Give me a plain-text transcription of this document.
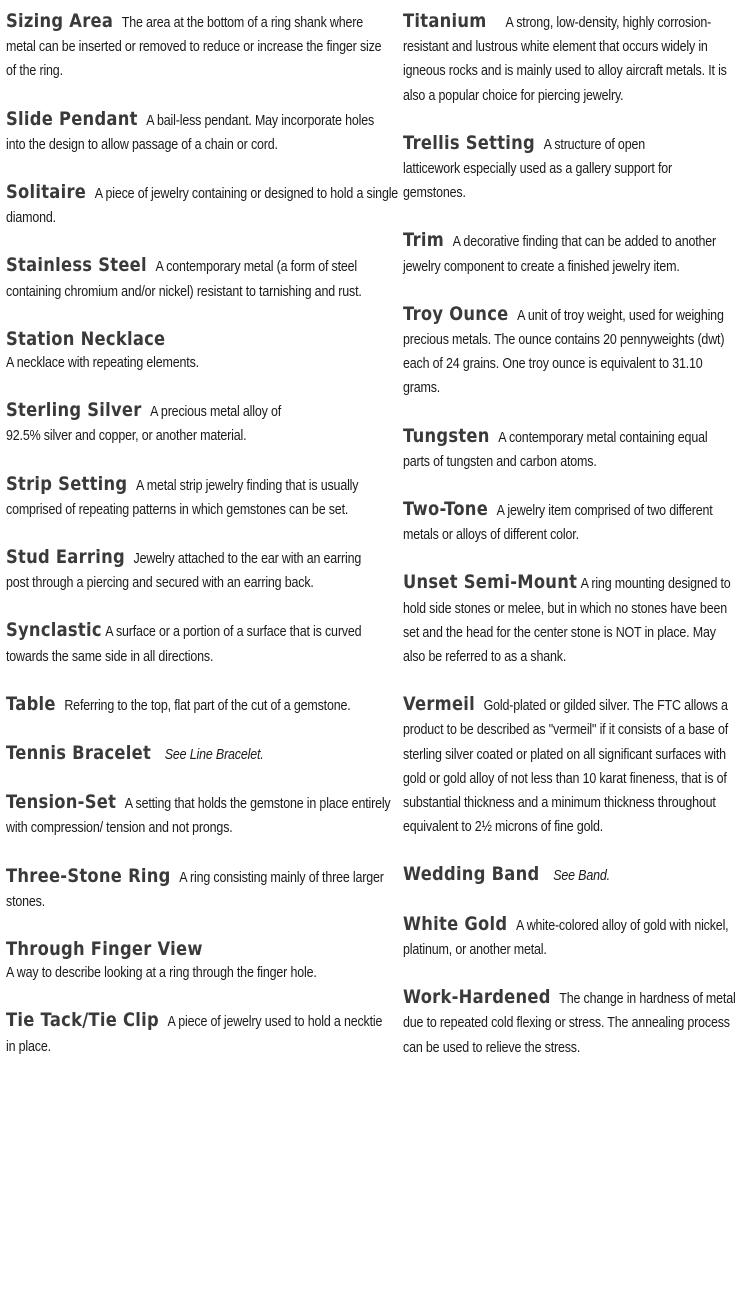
Sizing Area The area at the bottom of a ring shank where metal can be inserted or removed to reduce or increase the finger size of the ring.

Slide Pendant A bail-less pendant. May incorporate holes into the design to allow passage of a chain or cord.

Solitaire A piece of jewelry containing or designed to hold a single diamond.

Stainless Steel A contemporary metal (a form of steel containing chromium and/or nickel) resistant to tarnishing and rust.

Station Necklace
A necklace with repeating elements.

Sterling Silver A precious metal alloy of 92.5% silver and copper, or another material.

Strip Setting A metal strip jewelry finding that is usually comprised of repeating patterns in which gemstones can be set.

Stud Earring Jewelry attached to the ear with an earring post through a piercing and secured with an earring back.

Synclastic A surface or a portion of a surface that is curved towards the same side in all directions.

Table Referring to the top, flat part of the cut of a gemstone.

Tennis Bracelet See Line Bracelet.

Tension-Set A setting that holds the gemstone in place entirely with compression/ tension and not prongs.

Three-Stone Ring A ring consisting mainly of three larger stones.

Through Finger View
A way to describe looking at a ring through the finger hole.

Tie Tack/Tie Clip A piece of jewelry used to hold a necktie in place.

Titanium A strong, low-density, highly corrosion-resistant and lustrous white element that occurs widely in igneous rocks and is mainly used to alloy aircraft metals. It is also a popular choice for piercing jewelry.

Trellis Setting A structure of open latticework especially used as a gallery support for gemstones.

Trim A decorative finding that can be added to another jewelry component to create a finished jewelry item.

Troy Ounce A unit of troy weight, used for weighing precious metals. The ounce contains 20 pennyweights (dwt) each of 24 grains. One troy ounce is equivalent to 31.10 grams.

Tungsten A contemporary metal containing equal parts of tungsten and carbon atoms.

Two-Tone A jewelry item comprised of two different metals or alloys of different color.

Unset Semi-Mount A ring mounting designed to hold side stones or melee, but in which no stones have been set and the head for the center stone is NOT in place. May also be referred to as a shank.

Vermeil Gold-plated or gilded silver. The FTC allows a product to be described as "vermeil" if it consists of a base of sterling silver coated or plated on all significant surfaces with gold or gold alloy of not less than 10 karat fineness, that is of substantial thickness and a minimum thickness throughout equivalent to 2½ microns of fine gold.

Wedding Band See Band.

White Gold A white-colored alloy of gold with nickel, platinum, or another metal.

Work-Hardened The change in hardness of metal due to repeated cold flexing or stress. The annealing process can be used to relieve the stress.
